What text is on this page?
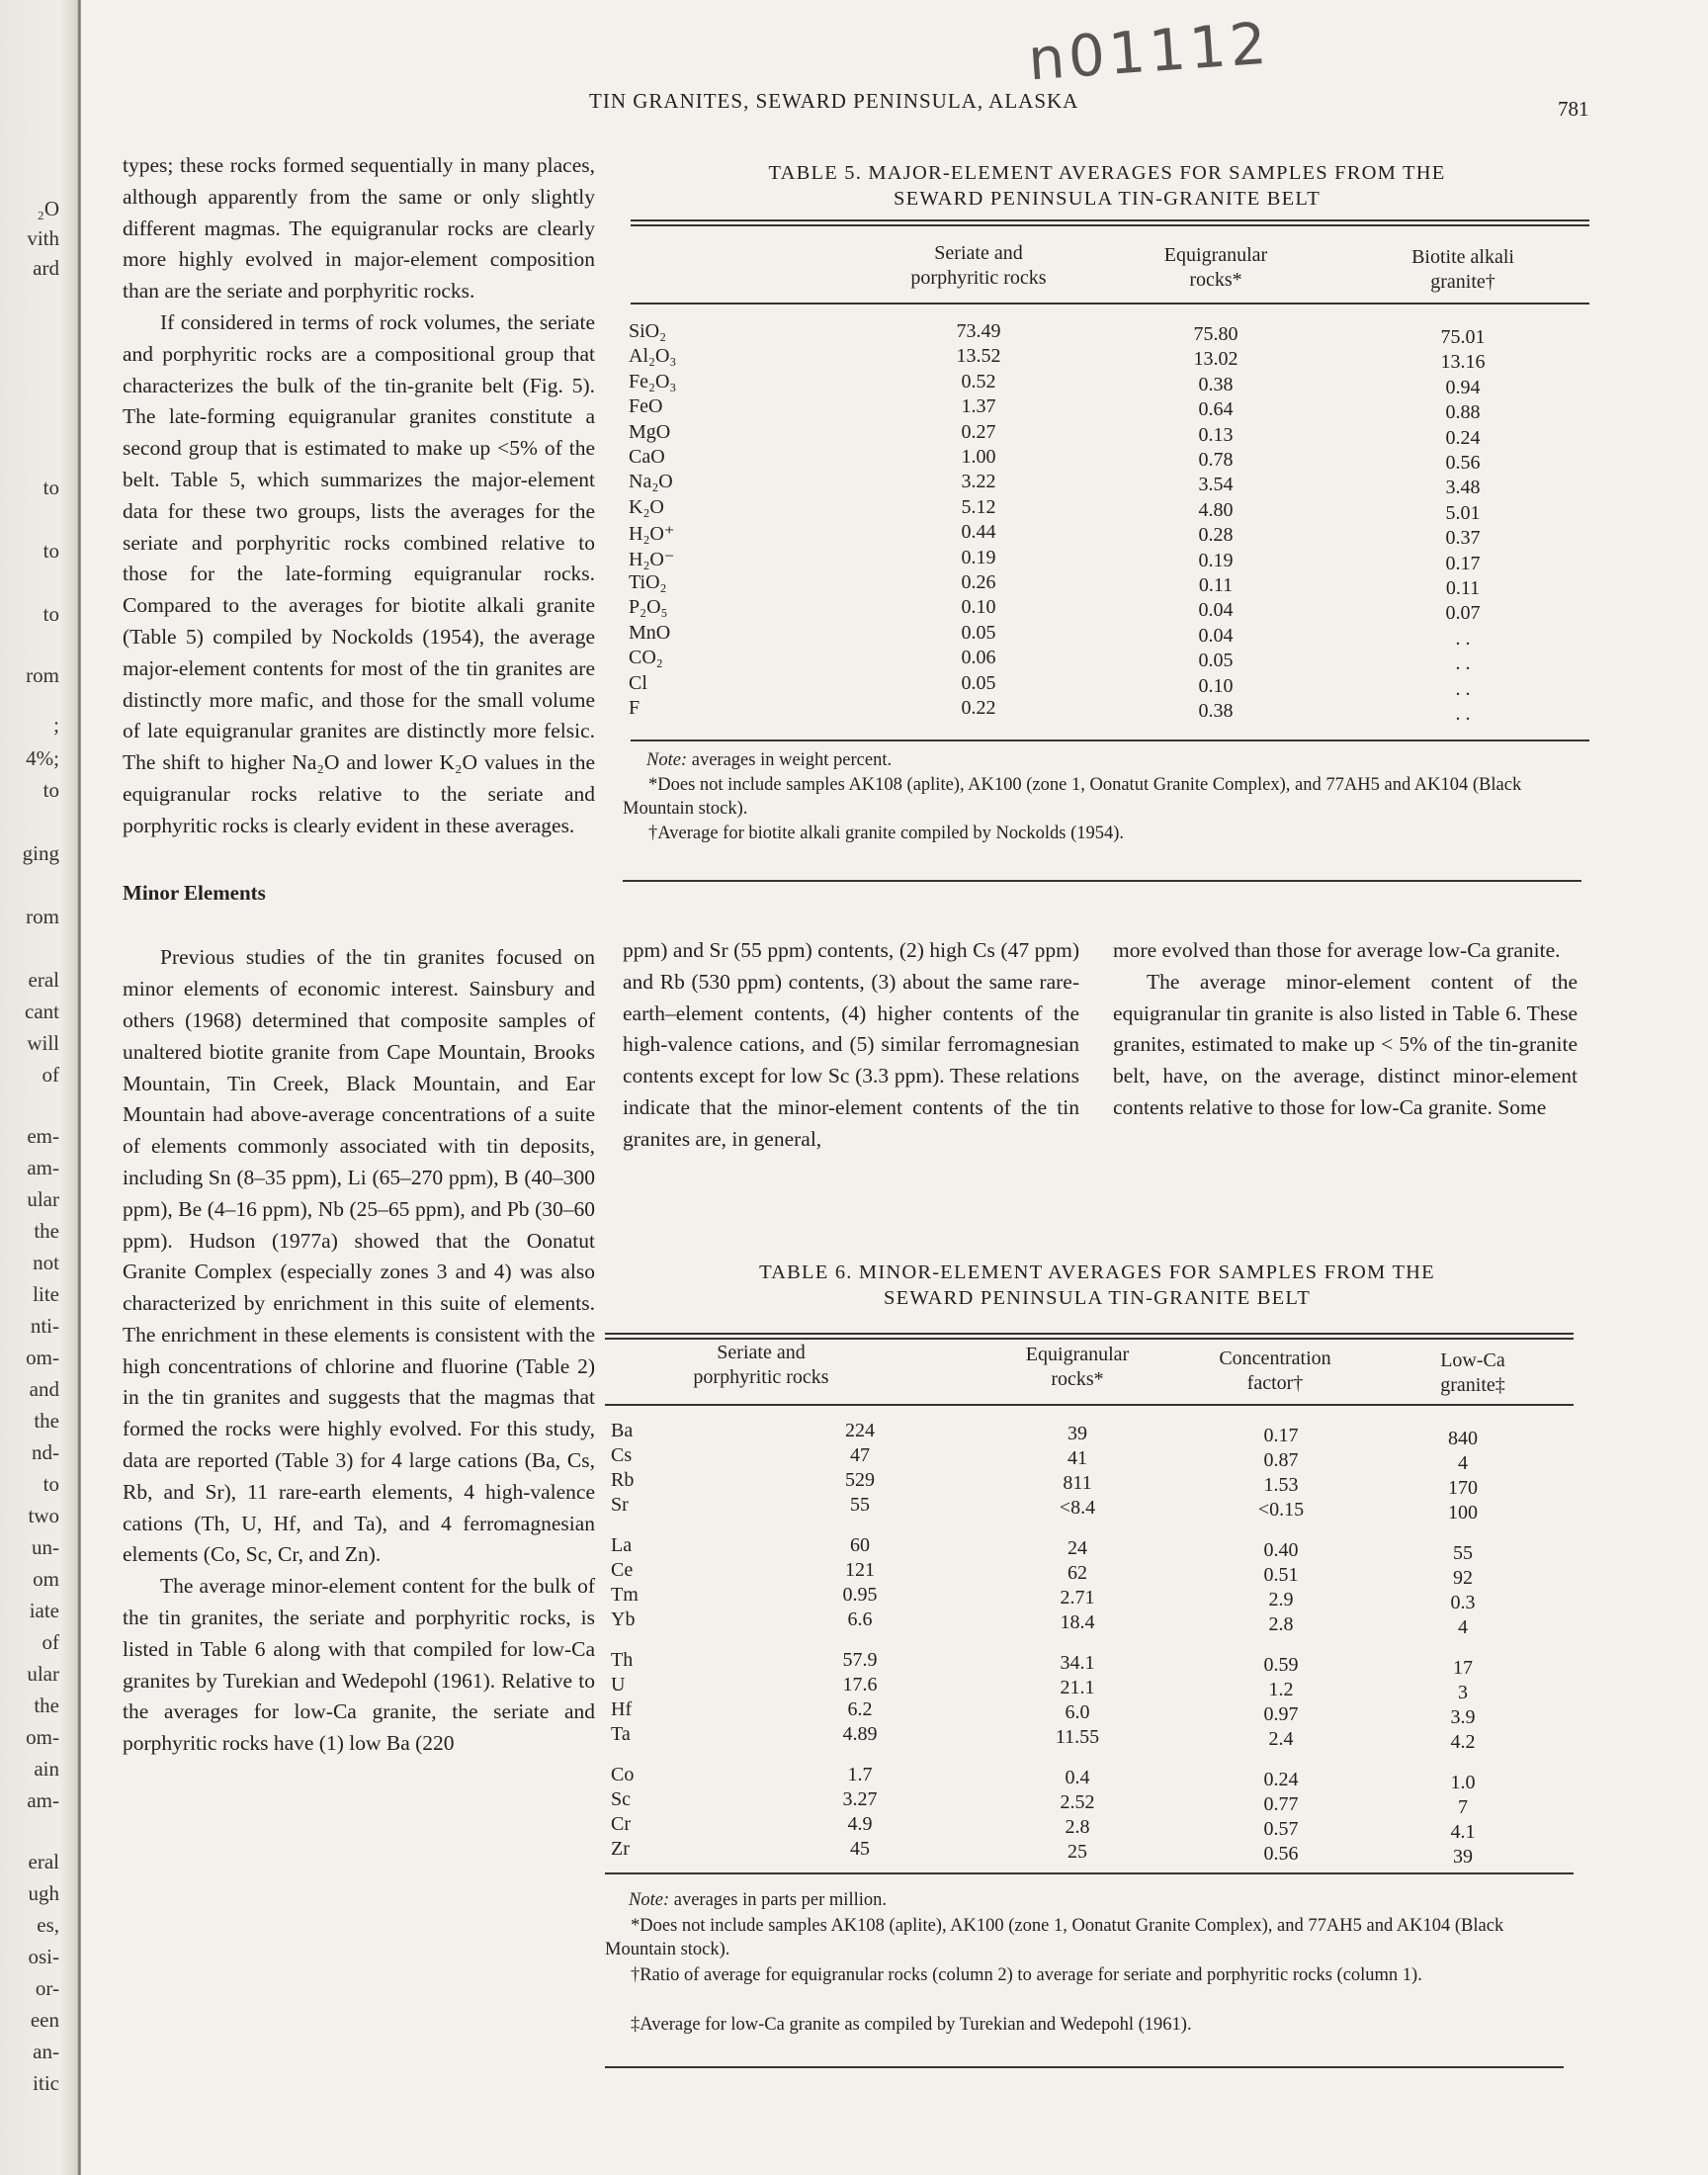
n01112
TIN GRANITES, SEWARD PENINSULA, ALASKA	781
₂O
vith
ard
to
to
to
rom
;
4%;
to
ging
rom
eral
cant
will
of
em-
am-
ular
the
not
lite
nti-
om-
and
the
nd-
to
two
un-
om
iate
of
ular
the
om-
ain
am-
eral
ugh
es,
osi-
or-
een
an-
itic

types; these rocks formed sequentially in many places, although apparently from the same or only slightly different magmas. The equigranular rocks are clearly more highly evolved in major-element composition than are the seriate and porphyritic rocks.

If considered in terms of rock volumes, the seriate and porphyritic rocks are a compositional group that characterizes the bulk of the tin-granite belt (Fig. 5). The late-forming equigranular granites constitute a second group that is estimated to make up <5% of the belt. Table 5, which summarizes the major-element data for these two groups, lists the averages for the seriate and porphyritic rocks combined relative to those for the late-forming equigranular rocks. Compared to the averages for biotite alkali granite (Table 5) compiled by Nockolds (1954), the average major-element contents for most of the tin granites are distinctly more mafic, and those for the small volume of late equigranular granites are distinctly more felsic. The shift to higher Na₂O and lower K₂O values in the equigranular rocks relative to the seriate and porphyritic rocks is clearly evident in these averages.

Minor Elements

Previous studies of the tin granites focused on minor elements of economic interest. Sainsbury and others (1968) determined that composite samples of unaltered biotite granite from Cape Mountain, Brooks Mountain, Tin Creek, Black Mountain, and Ear Mountain had above-average concentrations of a suite of elements commonly associated with tin deposits, including Sn (8–35 ppm), Li (65–270 ppm), B (40–300 ppm), Be (4–16 ppm), Nb (25–65 ppm), and Pb (30–60 ppm). Hudson (1977a) showed that the Oonatut Granite Complex (especially zones 3 and 4) was also characterized by enrichment in this suite of elements. The enrichment in these elements is consistent with the high concentrations of chlorine and fluorine (Table 2) in the tin granites and suggests that the magmas that formed the rocks were highly evolved. For this study, data are reported (Table 3) for 4 large cations (Ba, Cs, Rb, and Sr), 11 rare-earth elements, 4 high-valence cations (Th, U, Hf, and Ta), and 4 ferromagnesian elements (Co, Sc, Cr, and Zn).

The average minor-element content for the bulk of the tin granites, the seriate and porphyritic rocks, is listed in Table 6 along with that compiled for low-Ca granites by Turekian and Wedepohl (1961). Relative to the averages for low-Ca granite, the seriate and porphyritic rocks have (1) low Ba (220

ppm) and Sr (55 ppm) contents, (2) high Cs (47 ppm) and Rb (530 ppm) contents, (3) about the same rare-earth–element contents, (4) higher contents of the high-valence cations, and (5) similar ferromagnesian contents except for low Sc (3.3 ppm). These relations indicate that the minor-element contents of the tin granites are, in general,

more evolved than those for average low-Ca granite.

The average minor-element content of the equigranular tin granite is also listed in Table 6. These granites, estimated to make up < 5% of the tin-granite belt, have, on the average, distinct minor-element contents relative to those for low-Ca granite. Some

TABLE 5. MAJOR-ELEMENT AVERAGES FOR SAMPLES FROM THE
SEWARD PENINSULA TIN-GRANITE BELT
Seriate and
porphyritic rocks
Equigranular
rocks*
Biotite alkali
granite†
SiO₂	73.49	75.80	75.01
Al₂O₃	13.52	13.02	13.16
Fe₂O₃	0.52	0.38	0.94
FeO	1.37	0.64	0.88
MgO	0.27	0.13	0.24
CaO	1.00	0.78	0.56
Na₂O	3.22	3.54	3.48
K₂O	5.12	4.80	5.01
H₂O⁺	0.44	0.28	0.37
H₂O⁻	0.19	0.19	0.17
TiO₂	0.26	0.11	0.11
P₂O₅	0.10	0.04	0.07
MnO	0.05	0.04	. .
CO₂	0.06	0.05	. .
Cl	0.05	0.10	. .
F	0.22	0.38	. .
Note: averages in weight percent.
*Does not include samples AK108 (aplite), AK100 (zone 1, Oonatut Granite Complex), and 77AH5 and AK104 (Black Mountain stock).
†Average for biotite alkali granite compiled by Nockolds (1954).
TABLE 6. MINOR-ELEMENT AVERAGES FOR SAMPLES FROM THE
SEWARD PENINSULA TIN-GRANITE BELT
Seriate and
porphyritic rocks
Equigranular
rocks*
Concentration
factor†
Low-Ca
granite‡
Ba	224	39	0.17	840
Cs	47	41	0.87	4
Rb	529	811	1.53	170
Sr	55	<8.4	<0.15	100
La	60	24	0.40	55
Ce	121	62	0.51	92
Tm	0.95	2.71	2.9	0.3
Yb	6.6	18.4	2.8	4
Th	57.9	34.1	0.59	17
U	17.6	21.1	1.2	3
Hf	6.2	6.0	0.97	3.9
Ta	4.89	11.55	2.4	4.2
Co	1.7	0.4	0.24	1.0
Sc	3.27	2.52	0.77	7
Cr	4.9	2.8	0.57	4.1
Zr	45	25	0.56	39
Note: averages in parts per million.
*Does not include samples AK108 (aplite), AK100 (zone 1, Oonatut Granite Complex), and 77AH5 and AK104 (Black Mountain stock).
†Ratio of average for equigranular rocks (column 2) to average for seriate and porphyritic rocks (column 1).
‡Average for low-Ca granite as compiled by Turekian and Wedepohl (1961).
